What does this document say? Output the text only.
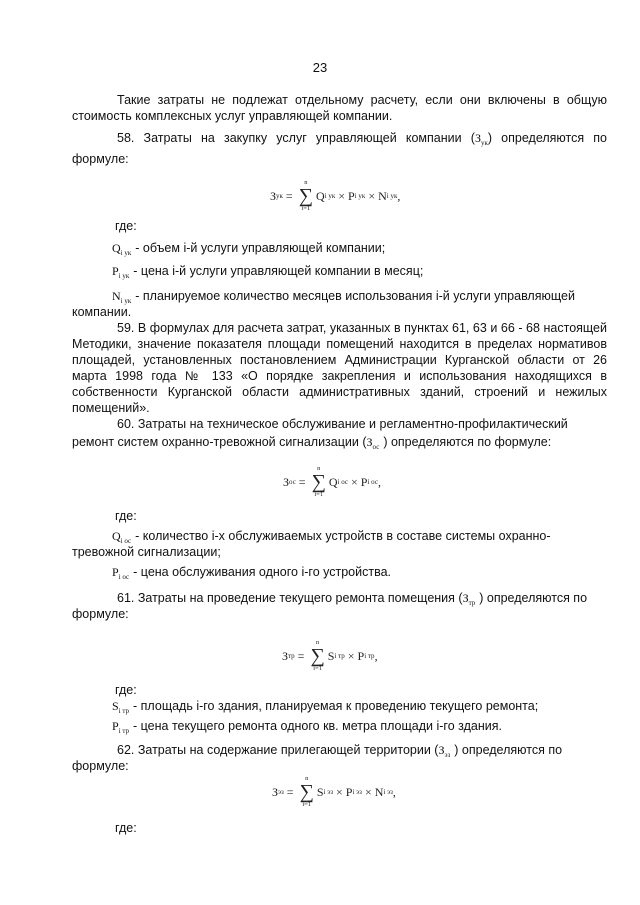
23

Такие затраты не подлежат отдельному расчету, если они включены в общую стоимость комплексных услуг управляющей компании.

58. Затраты на закупку услуг управляющей компании $(З_{ук})$ определяются по формуле:

З ук =
n
∑
i=1
Q i ук × P i ук × N i ук ,
где:
$Q_{i ук}$ - объем i-й услуги управляющей компании;
$P_{i ук}$ - цена i-й услуги управляющей компании в месяц;
$N_{i ук}$ - планируемое количество месяцев использования i-й услуги управляющей
компании.

59. В формулах для расчета затрат, указанных в пунктах 61, 63 и 66 - 68 настоящей Методики, значение показателя площади помещений находится в пределах нормативов площадей, установленных постановлением Администрации Курганской области от 26 марта 1998 года № 133 «О порядке закрепления и использования находящихся в собственности Курганской области административных зданий, строений и нежилых помещений».

60. Затраты на техническое обслуживание и регламентно-профилактический
ремонт систем охранно-тревожной сигнализации ($З_{ос}$ ) определяются по формуле:
З ос =
n
∑
i=1
Q i ос × P i ос ,
где:
$Q_{i ос}$ - количество i-х обслуживаемых устройств в составе системы охранно-
тревожной сигнализации;
$P_{i ос}$ - цена обслуживания одного i-го устройства.
61. Затраты на проведение текущего ремонта помещения ($З_{тр}$ ) определяются по
формуле:
З тр =
n
∑
i=1
S i тр × P i тр ,
где:
$S_{i тр}$ - площадь i-го здания, планируемая к проведению текущего ремонта;
$P_{i тр}$ - цена текущего ремонта одного кв. метра площади i-го здания.
62. Затраты на содержание прилегающей территории ($З_{эз}$ ) определяются по
формуле:
З эз =
n
∑
i=1
S i эз × P i эз × N i эз ,
где:
